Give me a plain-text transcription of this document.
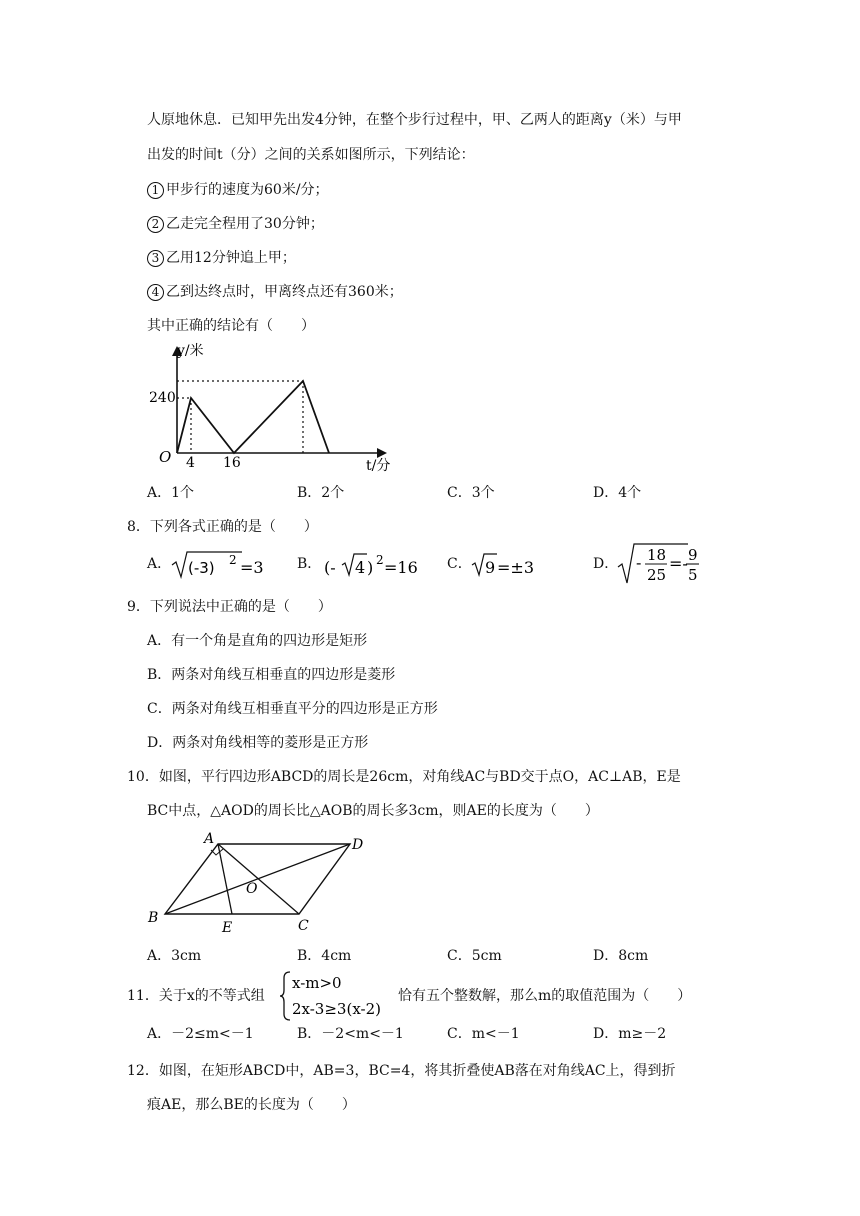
人原地休息．已知甲先出发4分钟，在整个步行过程中，甲、乙两人的距离y（米）与甲
出发的时间t（分）之间的关系如图所示，下列结论：
1 甲步行的速度为60米/分；
2 乙走完全程用了30分钟；
3 乙用12分钟追上甲；
4 乙到达终点时，甲离终点还有360米；
其中正确的结论有（　　）
y/米
t/分
O
240
4 16
A．1个	B．2个	C．3个	D．4个
8．下列各式正确的是（　　）
A． (-3) 2 =3 B． (- 4 ) 2 =16 C． 9 =±3	D． - 18
25
=- 9
5
9．下列说法中正确的是（　　）
A．有一个角是直角的四边形是矩形
B．两条对角线互相垂直的四边形是菱形
C．两条对角线互相垂直平分的四边形是正方形
D．两条对角线相等的菱形是正方形
10．如图，平行四边形ABCD的周长是26cm，对角线AC与BD交于点O，AC⊥AB，E是
BC中点，△AOD的周长比△AOB的周长多3cm，则AE的长度为（　　）
A	D
B	C
O
E
A．3cm	B．4cm	C．5cm	D．8cm
11．关于x的不等式组
x-m>0
2x-3≥3(x-2)
恰有五个整数解，那么m的取值范围为（　　）
A．－2≤m<－1	B．－2<m<－1	C．m<－1	D．m≥－2
12．如图，在矩形ABCD中，AB=3，BC=4，将其折叠使AB落在对角线AC上，得到折
痕AE，那么BE的长度为（　　）
